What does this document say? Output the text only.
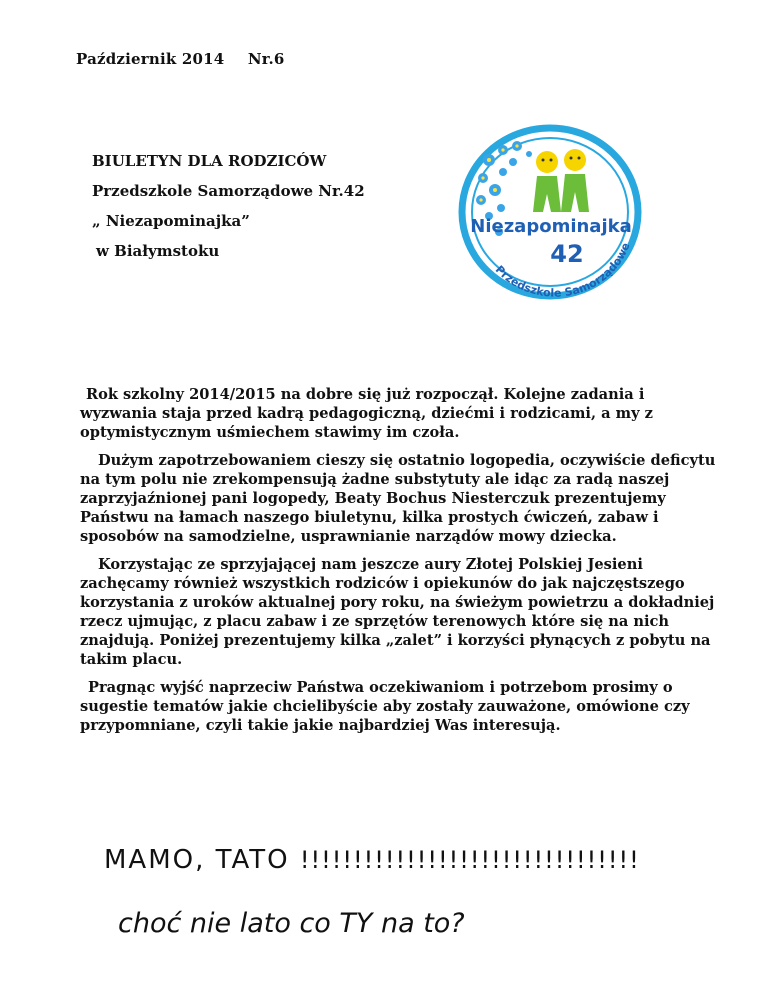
Październik 2014 Nr.6
BIULETYN DLA RODZICÓW
Przedszkole Samorządowe Nr.42
„ Niezapominajka”
w Białymstoku
Niezapominajka
42
Przedszkole Samorządowe

Rok szkolny 2014/2015 na dobre się już rozpoczął. Kolejne zadania i wyzwania staja przed kadrą pedagogiczną, dziećmi i rodzicami, a my z optymistycznym uśmiechem stawimy im czoła.

Dużym zapotrzebowaniem cieszy się ostatnio logopedia, oczywiście deficytu na tym polu nie zrekompensują żadne substytuty ale idąc za radą naszej zaprzyjaźnionej pani logopedy, Beaty Bochus Niesterczuk prezentujemy Państwu na łamach naszego biuletynu, kilka prostych ćwiczeń, zabaw i sposobów na samodzielne, usprawnianie narządów mowy dziecka.

Korzystając ze sprzyjającej nam jeszcze aury Złotej Polskiej Jesieni zachęcamy również wszystkich rodziców i opiekunów do jak najczęstszego korzystania z uroków aktualnej pory roku, na świeżym powietrzu a dokładniej rzecz ujmując, z placu zabaw i ze sprzętów terenowych które się na nich znajdują. Poniżej prezentujemy kilka „zalet” i korzyści płynących z pobytu na takim placu.

Pragnąc wyjść naprzeciw Państwa oczekiwaniom i potrzebom prosimy o sugestie tematów jakie chcielibyście aby zostały zauważone, omówione czy przypomniane, czyli takie jakie najbardziej Was interesują.

MAMO, TATO !!!!!!!!!!!!!!!!!!!!!!!!!!!!!!!!
choć nie lato co TY na to?
